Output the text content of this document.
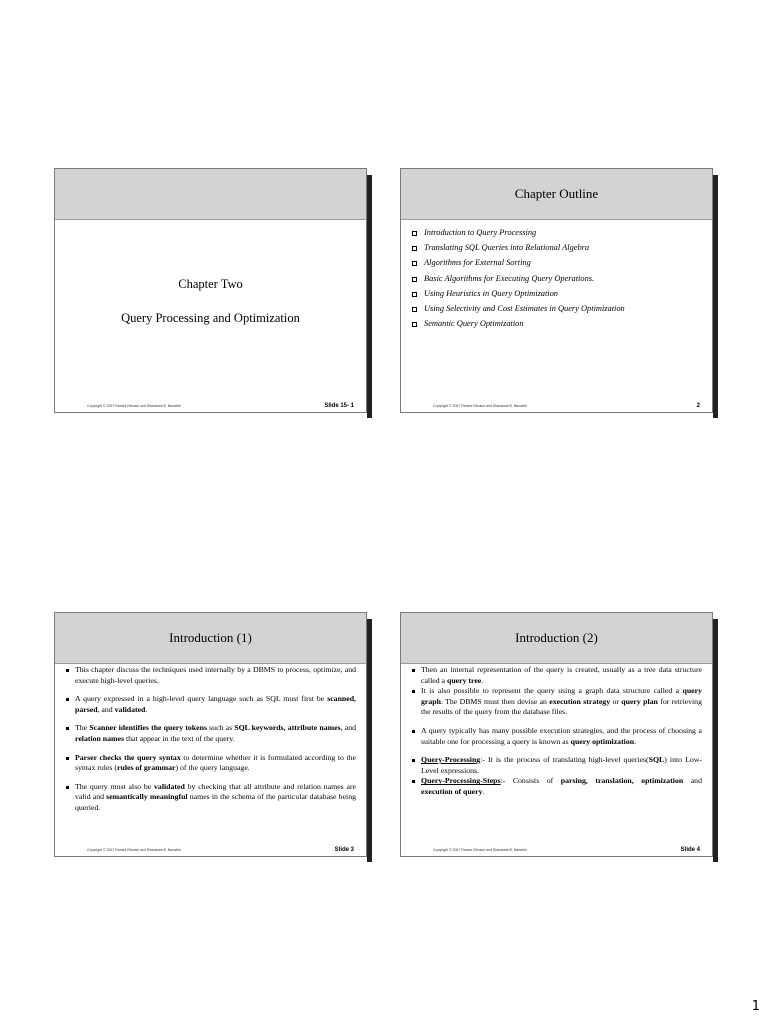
Chapter Two
Query Processing and Optimization
Copyright © 2007 Ramez Elmasri and Shamkant B. Navathe	Slide 15- 1
Chapter Outline
Introduction to Query Processing
Translating SQL Queries into Relational Algebra
Algorithms for External Sorting
Basic Algorithms for Executing Query Operations.
Using Heuristics in Query Optimization
Using Selectivity and Cost Estimates in Query Optimization
Semantic Query Optimization
Copyright © 2007 Ramez Elmasri and Shamkant B. Navathe	2
Introduction (1)
This chapter discuss the techniques used internally by a DBMS to process, optimize, and execute high-level queries.
A query expressed in a high-level query language such as SQL must first be scanned, parsed, and validated.
The Scanner identifies the query tokens such as SQL keywords, attribute names, and relation names that appear in the text of the query.
Parser checks the query syntax to determine whether it is formulated according to the syntax rules (rules of grammar) of the query language.
The query must also be validated by checking that all attribute and relation names are valid and semantically meaningful names in the schema of the particular database being queried.
Copyright © 2007 Ramez Elmasri and Shamkant B. Navathe	Slide 3
Introduction (2)
Then an internal representation of the query is created, usually as a tree data structure called a query tree.
It is also possible to represent the query using a graph data structure called a query graph. The DBMS must then devise an execution strategy or query plan for retrieving the results of the query from the database files.
A query typically has many possible execution strategies, and the process of choosing a suitable one for processing a query is known as query optimization.
Query-Processing:- It is the process of translating high-level queries(SQL) into Low-Level expressions.
Query-Processing-Steps:- Consists of parsing, translation, optimization and execution of query.
Copyright © 2007 Ramez Elmasri and Shamkant B. Navathe	Slide 4
1
